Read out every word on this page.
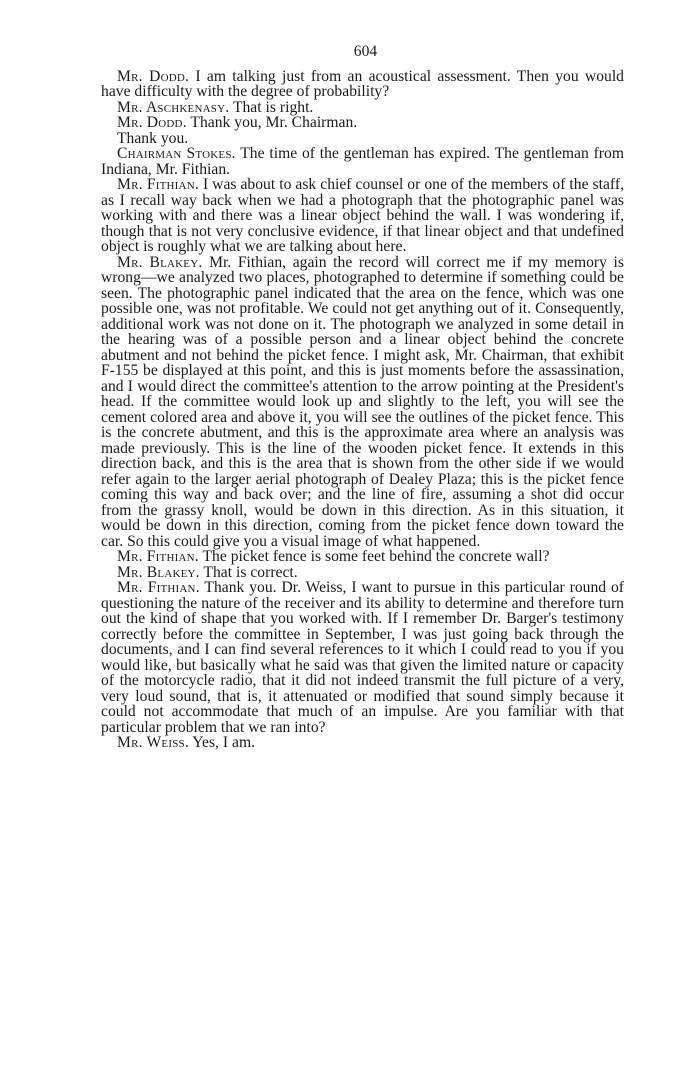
604
Mr. Dodd. I am talking just from an acoustical assessment. Then you would have difficulty with the degree of probability?
Mr. Aschkenasy. That is right.
Mr. Dodd. Thank you, Mr. Chairman.
Thank you.
Chairman Stokes. The time of the gentleman has expired. The gentleman from Indiana, Mr. Fithian.
Mr. Fithian. I was about to ask chief counsel or one of the members of the staff, as I recall way back when we had a photograph that the photographic panel was working with and there was a linear object behind the wall. I was wondering if, though that is not very conclusive evidence, if that linear object and that undefined object is roughly what we are talking about here.
Mr. Blakey. Mr. Fithian, again the record will correct me if my memory is wrong—we analyzed two places, photographed to determine if something could be seen. The photographic panel indicated that the area on the fence, which was one possible one, was not profitable. We could not get anything out of it. Consequently, additional work was not done on it. The photograph we analyzed in some detail in the hearing was of a possible person and a linear object behind the concrete abutment and not behind the picket fence. I might ask, Mr. Chairman, that exhibit F-155 be displayed at this point, and this is just moments before the assassination, and I would direct the committee's attention to the arrow pointing at the President's head. If the committee would look up and slightly to the left, you will see the cement colored area and above it, you will see the outlines of the picket fence. This is the concrete abutment, and this is the approximate area where an analysis was made previously. This is the line of the wooden picket fence. It extends in this direction back, and this is the area that is shown from the other side if we would refer again to the larger aerial photograph of Dealey Plaza; this is the picket fence coming this way and back over; and the line of fire, assuming a shot did occur from the grassy knoll, would be down in this direction. As in this situation, it would be down in this direction, coming from the picket fence down toward the car. So this could give you a visual image of what happened.
Mr. Fithian. The picket fence is some feet behind the concrete wall?
Mr. Blakey. That is correct.
Mr. Fithian. Thank you. Dr. Weiss, I want to pursue in this particular round of questioning the nature of the receiver and its ability to determine and therefore turn out the kind of shape that you worked with. If I remember Dr. Barger's testimony correctly before the committee in September, I was just going back through the documents, and I can find several references to it which I could read to you if you would like, but basically what he said was that given the limited nature or capacity of the motorcycle radio, that it did not indeed transmit the full picture of a very, very loud sound, that is, it attenuated or modified that sound simply because it could not accommodate that much of an impulse. Are you familiar with that particular problem that we ran into?
Mr. Weiss. Yes, I am.
